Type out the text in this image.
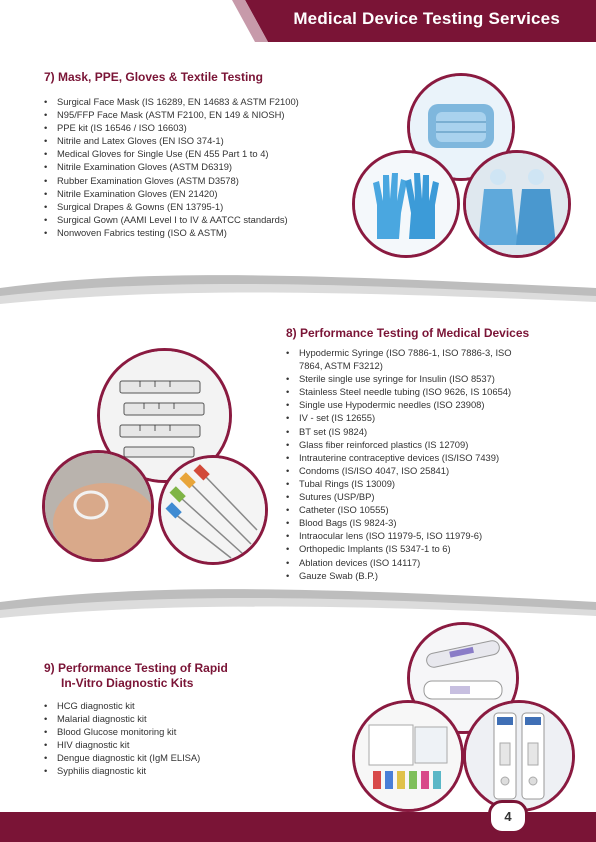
Medical Device Testing Services
7) Mask, PPE, Gloves & Textile Testing
• Surgical Face Mask (IS 16289, EN 14683 & ASTM F2100)
• N95/FFP Face Mask (ASTM F2100, EN 149 & NIOSH)
• PPE kit (IS 16546 / ISO 16603)
• Nitrile and Latex Gloves (EN ISO 374-1)
• Medical Gloves for Single Use (EN 455 Part 1 to 4)
• Nitrile Examination Gloves (ASTM D6319)
• Rubber Examination Gloves (ASTM D3578)
• Nitrile Examination Gloves (EN 21420)
• Surgical Drapes & Gowns (EN 13795-1)
• Surgical Gown (AAMI Level I to IV & AATCC standards)
• Nonwoven Fabrics testing (ISO & ASTM)
8) Performance Testing of Medical Devices
• Hypodermic Syringe (ISO 7886-1, ISO 7886-3, ISO
7864, ASTM F3212)
• Sterile single use syringe for Insulin (ISO 8537)
• Stainless Steel needle tubing (ISO 9626, IS 10654)
• Single use Hypodermic needles (ISO 23908)
• IV - set (IS 12655)
• BT set (IS 9824)
• Glass fiber reinforced plastics (IS 12709)
• Intrauterine contraceptive devices (IS/ISO 7439)
• Condoms (IS/ISO 4047, ISO 25841)
• Tubal Rings (IS 13009)
• Sutures (USP/BP)
• Catheter (ISO 10555)
• Blood Bags (IS 9824-3)
• Intraocular lens (ISO 11979-5, ISO 11979-6)
• Orthopedic Implants (IS 5347-1 to 6)
• Ablation devices (ISO 14117)
• Gauze Swab (B.P.)
9) Performance Testing of Rapid
In-Vitro Diagnostic Kits
• HCG diagnostic kit
• Malarial diagnostic kit
• Blood Glucose monitoring kit
• HIV diagnostic kit
• Dengue diagnostic kit (IgM ELISA)
• Syphilis diagnostic kit
4
